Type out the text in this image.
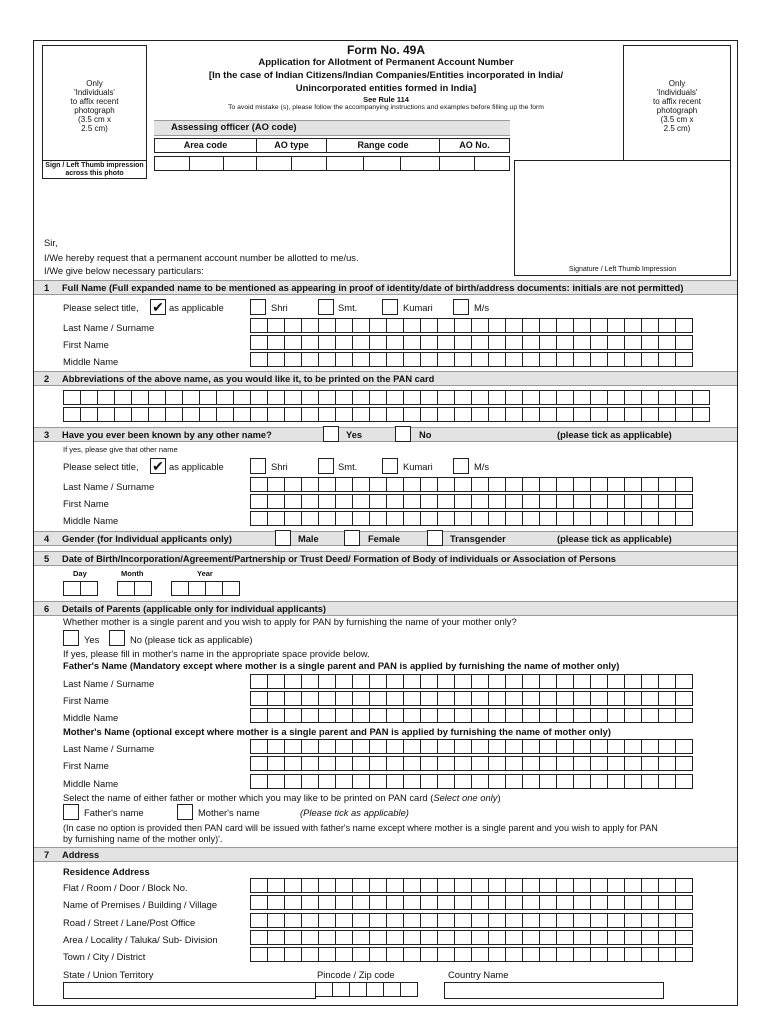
Only
'Individuals'
to affix recent
photograph
(3.5 cm x
2.5 cm)
Sign / Left Thumb impression across this photo
Only
'Individuals'
to affix recent
photograph
(3.5 cm x
2.5 cm)
Signature / Left Thumb Impression
Form No. 49A
Application for Allotment of Permanent Account Number
[In the case of Indian Citizens/Indian Companies/Entities incorporated in India/
Unincorporated entities formed in India]
See Rule 114
To avoid mistake (s), please follow the accompanying instructions and examples before filling up the form
Assessing officer (AO code)
Area code	AO type	Range code	AO No.
Sir,
I/We hereby request that a permanent account number be allotted to me/us.
I/We give below necessary particulars:
1 Full Name (Full expanded name to be mentioned as appearing in proof of identity/date of birth/address documents: initials are not permitted)
Please select title, ✔ as applicable	Shri	Smt.	Kumari	M/s
Last Name / Surname
First Name
Middle Name
2 Abbreviations of the above name, as you would like it, to be printed on the PAN card
3 Have you ever been known by any other name?	Yes	No	(please tick as applicable)
If yes, please give that other name
Please select title, ✔ as applicable	Shri	Smt.	Kumari	M/s
Last Name / Surname
First Name
Middle Name
4 Gender (for Individual applicants only)	Male	Female	Transgender	(please tick as applicable)
5 Date of Birth/Incorporation/Agreement/Partnership or Trust Deed/ Formation of Body of individuals or Association of Persons
Day	Month	Year
6 Details of Parents (applicable only for individual applicants)
Whether mother is a single parent and you wish to apply for PAN by furnishing the name of your mother only?
Yes	No (please tick as applicable)
If yes, please fill in mother's name in the appropriate space provide below.
Father's Name (Mandatory except where mother is a single parent and PAN is applied by furnishing the name of mother only)
Last Name / Surname
First Name
Middle Name
Mother's Name (optional except where mother is a single parent and PAN is applied by furnishing the name of mother only)
Last Name / Surname
First Name
Middle Name
Select the name of either father or mother which you may like to be printed on PAN card (Select one only)
Father's name	Mother's name	(Please tick as applicable)
(In case no option is provided then PAN card will be issued with father's name except where mother is a single parent and you wish to apply for PAN
by furnishing name of the mother only)'.
7 Address
Residence Address
Flat / Room / Door / Block No.
Name of Premises / Building / Village
Road / Street / Lane/Post Office
Area / Locality / Taluka/ Sub- Division
Town / City / District
State / Union Territory	Pincode / Zip code	Country Name
